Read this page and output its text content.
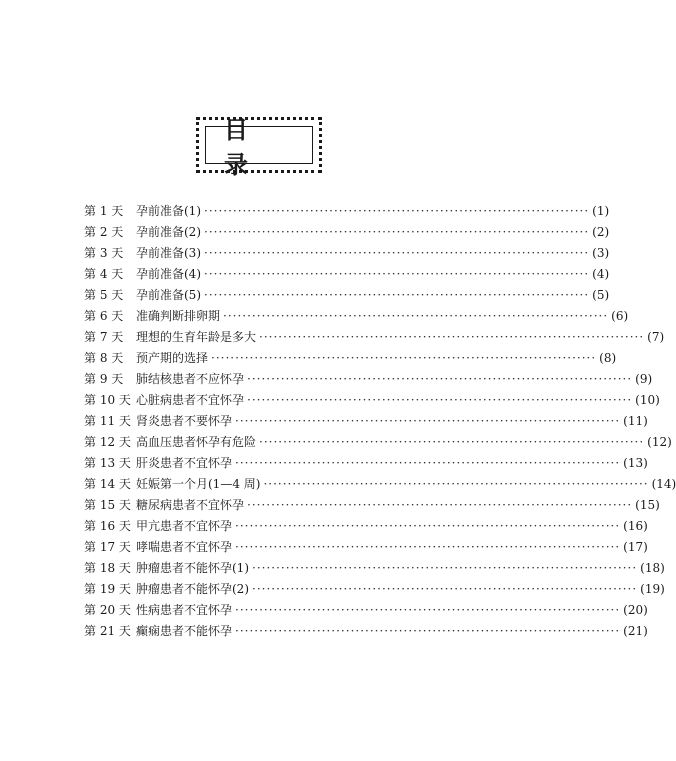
目 录
第 1 天	孕前准备(1) ················································································ (1)
第 2 天	孕前准备(2) ················································································ (2)
第 3 天	孕前准备(3) ················································································ (3)
第 4 天	孕前准备(4) ················································································ (4)
第 5 天	孕前准备(5) ················································································ (5)
第 6 天	准确判断排卵期 ················································································ (6)
第 7 天	理想的生育年龄是多大 ················································································ (7)
第 8 天	预产期的选择 ················································································ (8)
第 9 天	肺结核患者不应怀孕 ················································································ (9)
第 10 天 心脏病患者不宜怀孕 ················································································ (10)
第 11 天 肾炎患者不要怀孕 ················································································ (11)
第 12 天 高血压患者怀孕有危险 ················································································ (12)
第 13 天 肝炎患者不宜怀孕 ················································································ (13)
第 14 天 妊娠第一个月(1—4 周) ················································································ (14)
第 15 天 糖尿病患者不宜怀孕 ················································································ (15)
第 16 天 甲亢患者不宜怀孕 ················································································ (16)
第 17 天 哮喘患者不宜怀孕 ················································································ (17)
第 18 天 肿瘤患者不能怀孕(1) ················································································ (18)
第 19 天 肿瘤患者不能怀孕(2) ················································································ (19)
第 20 天 性病患者不宜怀孕 ················································································ (20)
第 21 天 癫痫患者不能怀孕 ················································································ (21)
